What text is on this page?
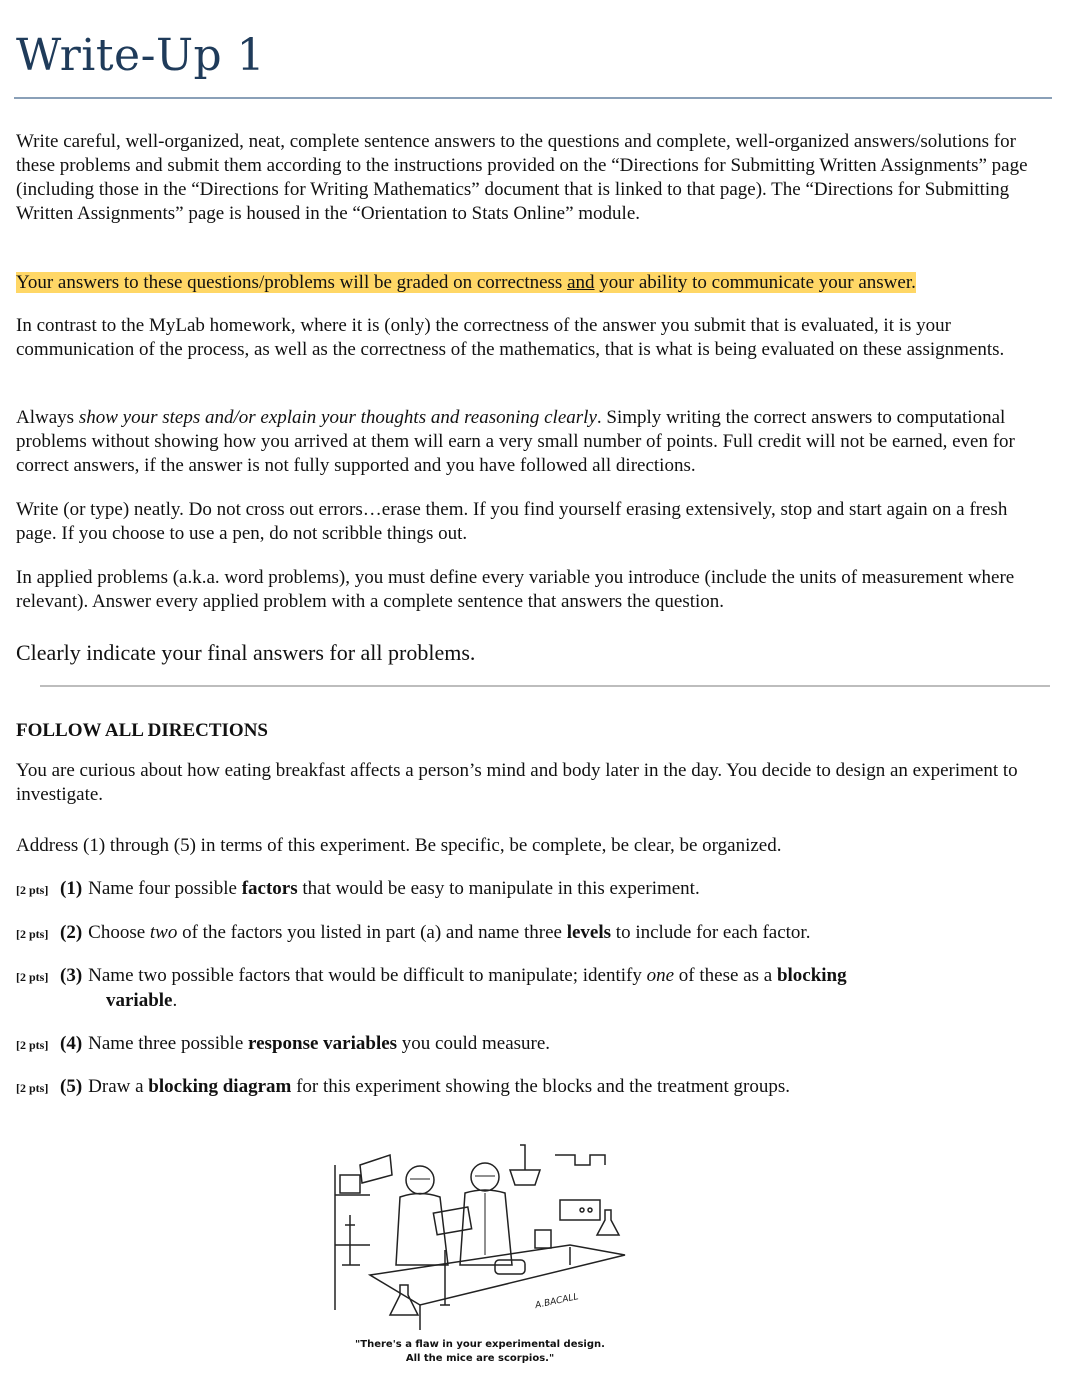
Write-Up 1

Write careful, well-organized, neat, complete sentence answers to the questions and complete, well-organized answers/solutions for these problems and submit them according to the instructions provided on the “Directions for Submitting Written Assignments” page (including those in the “Directions for Writing Mathematics” document that is linked to that page). The “Directions for Submitting Written Assignments” page is housed in the “Orientation to Stats Online” module.

Your answers to these questions/problems will be graded on correctness and your ability to communicate your answer.

In contrast to the MyLab homework, where it is (only) the correctness of the answer you submit that is evaluated, it is your communication of the process, as well as the correctness of the mathematics, that is what is being evaluated on these assignments.

Always show your steps and/or explain your thoughts and reasoning clearly. Simply writing the correct answers to computational problems without showing how you arrived at them will earn a very small number of points. Full credit will not be earned, even for correct answers, if the answer is not fully supported and you have followed all directions.

Write (or type) neatly. Do not cross out errors…erase them. If you find yourself erasing extensively, stop and start again on a fresh page. If you choose to use a pen, do not scribble things out.

In applied problems (a.k.a. word problems), you must define every variable you introduce (include the units of measurement where relevant). Answer every applied problem with a complete sentence that answers the question.

Clearly indicate your final answers for all problems.

FOLLOW ALL DIRECTIONS

You are curious about how eating breakfast affects a person’s mind and body later in the day. You decide to design an experiment to investigate.

Address (1) through (5) in terms of this experiment. Be specific, be complete, be clear, be organized.

[2 pts] (1) Name four possible factors that would be easy to manipulate in this experiment.
[2 pts] (2) Choose two of the factors you listed in part (a) and name three levels to include for each factor.
[2 pts] (3) Name two possible factors that would be difficult to manipulate; identify one of these as a blocking
variable.
[2 pts] (4) Name three possible response variables you could measure.
[2 pts] (5) Draw a blocking diagram for this experiment showing the blocks and the treatment groups.
A.BACALL
"There's a flaw in your experimental design.
All the mice are scorpios."
